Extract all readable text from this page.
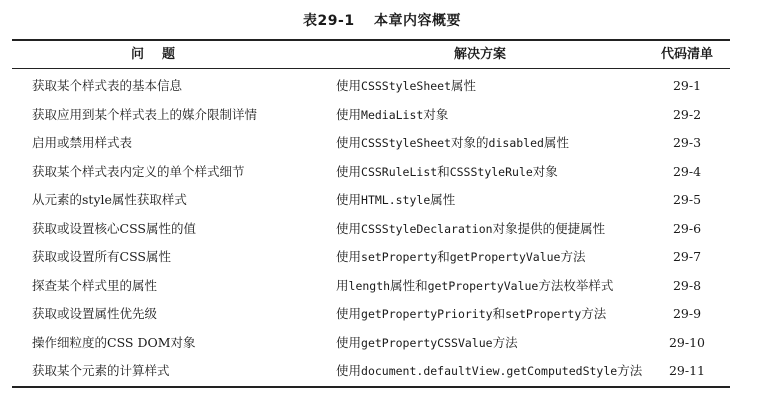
表29-1 本章内容概要
问题	解决方案	代码清单
获取某个样式表的基本信息	使用CSSStyleSheet属性	29-1
获取应用到某个样式表上的媒介限制详情	使用MediaList对象	29-2
启用或禁用样式表	使用CSSStyleSheet对象的disabled属性	29-3
获取某个样式表内定义的单个样式细节	使用CSSRuleList和CSSStyleRule对象	29-4
从元素的style属性获取样式	使用HTML.style属性	29-5
获取或设置核心CSS属性的值	使用CSSStyleDeclaration对象提供的便捷属性	29-6
获取或设置所有CSS属性	使用setProperty和getPropertyValue方法	29-7
探查某个样式里的属性	用length属性和getPropertyValue方法枚举样式	29-8
获取或设置属性优先级	使用getPropertyPriority和setProperty方法	29-9
操作细粒度的CSS DOM对象	使用getPropertyCSSValue方法	29-10
获取某个元素的计算样式	使用document.defaultView.getComputedStyle方法	29-11
